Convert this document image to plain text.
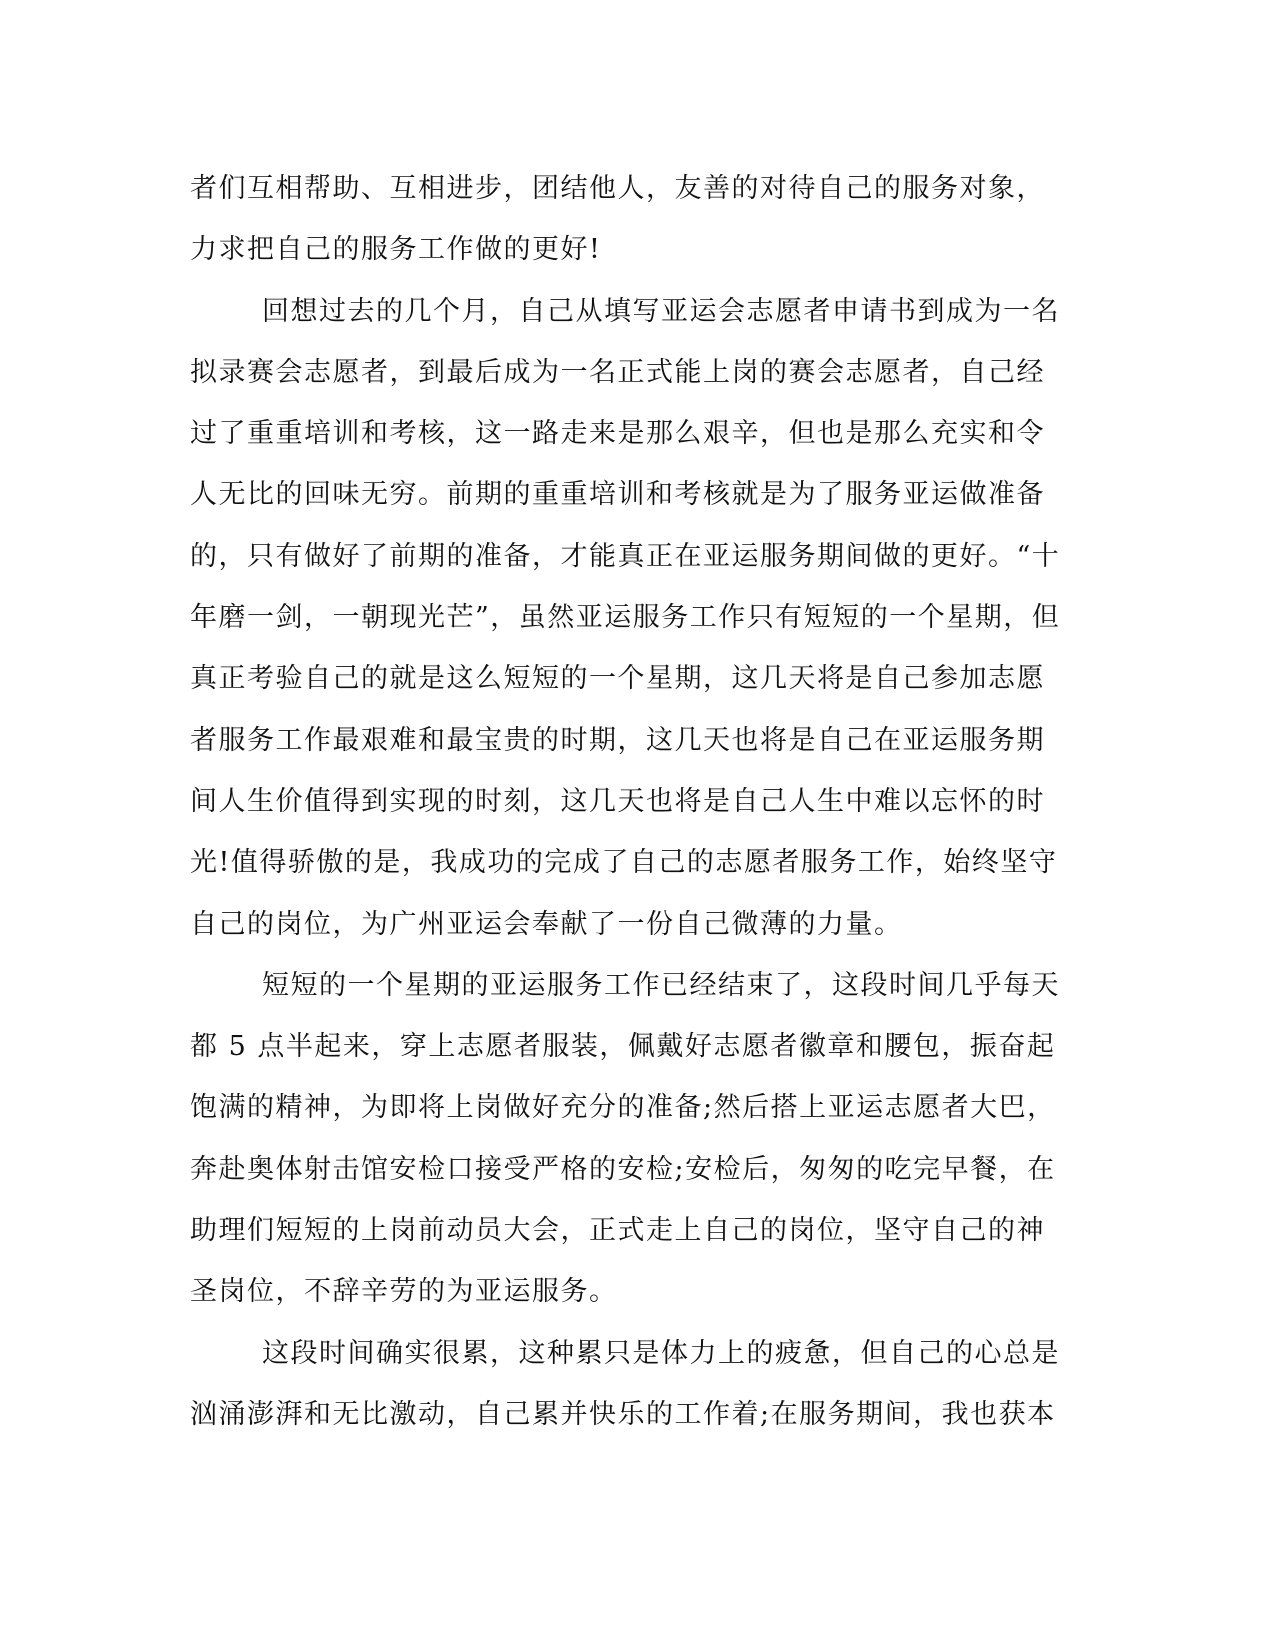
者们互相帮助、互相进步，团结他人，友善的对待自己的服务对象，
力求把自己的服务工作做的更好!
回想过去的几个月，自己从填写亚运会志愿者申请书到成为一名
拟录赛会志愿者，到最后成为一名正式能上岗的赛会志愿者，自己经
过了重重培训和考核，这一路走来是那么艰辛，但也是那么充实和令
人无比的回味无穷。前期的重重培训和考核就是为了服务亚运做准备
的，只有做好了前期的准备，才能真正在亚运服务期间做的更好。“十
年磨一剑，一朝现光芒”，虽然亚运服务工作只有短短的一个星期，但
真正考验自己的就是这么短短的一个星期，这几天将是自己参加志愿
者服务工作最艰难和最宝贵的时期，这几天也将是自己在亚运服务期
间人生价值得到实现的时刻，这几天也将是自己人生中难以忘怀的时
光!值得骄傲的是，我成功的完成了自己的志愿者服务工作，始终坚守
自己的岗位，为广州亚运会奉献了一份自己微薄的力量。
短短的一个星期的亚运服务工作已经结束了，这段时间几乎每天
都 5 点半起来，穿上志愿者服装，佩戴好志愿者徽章和腰包，振奋起
饱满的精神，为即将上岗做好充分的准备;然后搭上亚运志愿者大巴，
奔赴奥体射击馆安检口接受严格的安检;安检后，匆匆的吃完早餐，在
助理们短短的上岗前动员大会，正式走上自己的岗位，坚守自己的神
圣岗位，不辞辛劳的为亚运服务。
这段时间确实很累，这种累只是体力上的疲惫，但自己的心总是
汹涌澎湃和无比激动，自己累并快乐的工作着;在服务期间，我也获本
